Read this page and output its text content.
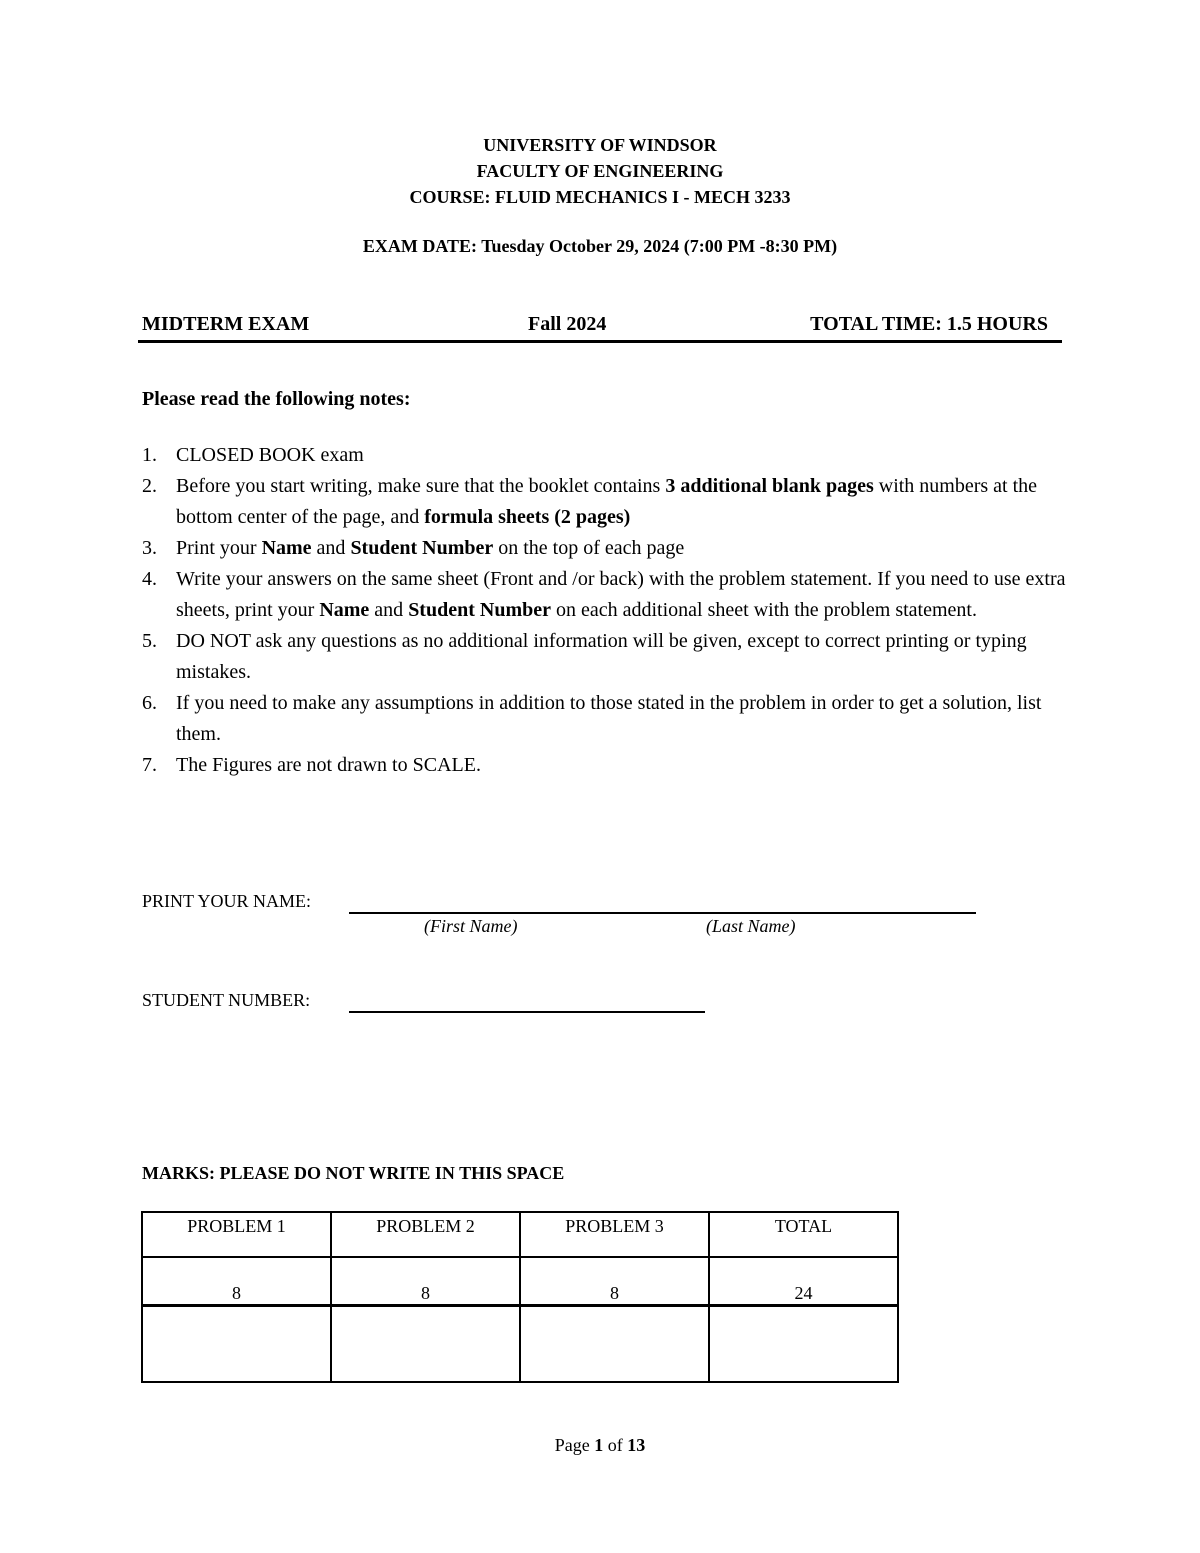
UNIVERSITY OF WINDSOR
FACULTY OF ENGINEERING
COURSE: FLUID MECHANICS I - MECH 3233
EXAM DATE: Tuesday October 29, 2024 (7:00 PM -8:30 PM)
MIDTERM EXAM	Fall 2024	TOTAL TIME: 1.5 HOURS
Please read the following notes:
1. CLOSED BOOK exam
2. Before you start writing, make sure that the booklet contains 3 additional blank pages with numbers at the bottom center of the page, and formula sheets (2 pages)
3. Print your Name and Student Number on the top of each page
4. Write your answers on the same sheet (Front and /or back) with the problem statement. If you need to use extra sheets, print your Name and Student Number on each additional sheet with the problem statement.
5. DO NOT ask any questions as no additional information will be given, except to correct printing or typing mistakes.
6. If you need to make any assumptions in addition to those stated in the problem in order to get a solution, list them.
7. The Figures are not drawn to SCALE.
PRINT YOUR NAME:
(First Name)	(Last Name)
STUDENT NUMBER:
MARKS: PLEASE DO NOT WRITE IN THIS SPACE
PROBLEM 1	PROBLEM 2	PROBLEM 3	TOTAL
8	8	8	24

Page 1 of 13
